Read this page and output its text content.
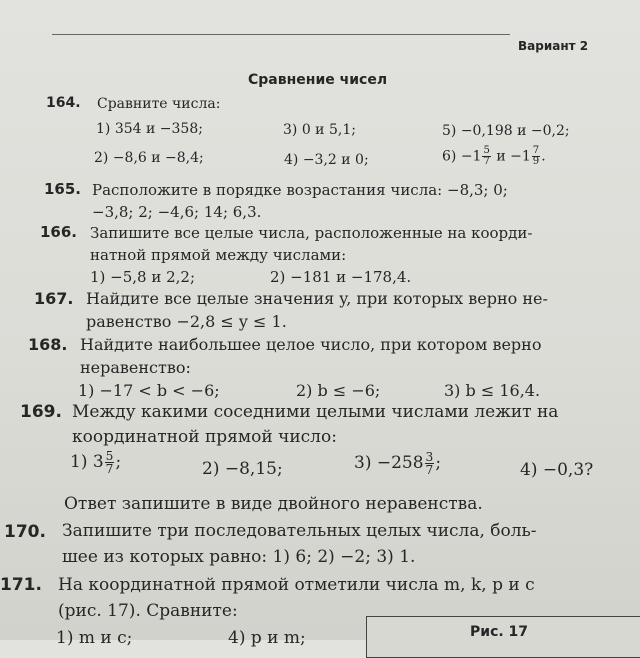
Вариант 2
Сравнение чисел
164. Сравните числа:
1) 354 и −358;	3) 0 и 5,1;	5) −0,198 и −0,2;
2) −8,6 и −8,4;	4) −3,2 и 0;	$6) -1 \frac{5}{7}$ $и -1 \frac{7}{9}$ .
165. Расположите в порядке возрастания числа: −8,3; 0;
−3,8; 2; −4,6; 14; 6,3.
166. Запишите все целые числа, расположенные на коорди-
натной прямой между числами:
1) −5,8 и 2,2;	2) −181 и −178,4.
167. Найдите все целые значения y, при которых верно не-
равенство −2,8 ≤ y ≤ 1.
168. Найдите наибольшее целое число, при котором верно
неравенство:
1) −17 < b < −6;	2) b ≤ −6;	3) b ≤ 16,4.
169. Между какими соседними целыми числами лежит на
координатной прямой число:
1) $3 \frac{5}{7}$ ;	2) −8,15;	$3) -258 \frac{3}{7}$ ;	4) −0,3?
Ответ запишите в виде двойного неравенства.
170. Запишите три последовательных целых числа, боль-
шее из которых равно: 1) 6; 2) −2; 3) 1.
171. На координатной прямой отметили числа m, k, p и c
(рис. 17). Сравните:
1) m и c;	4) p и m;	Рис. 17
